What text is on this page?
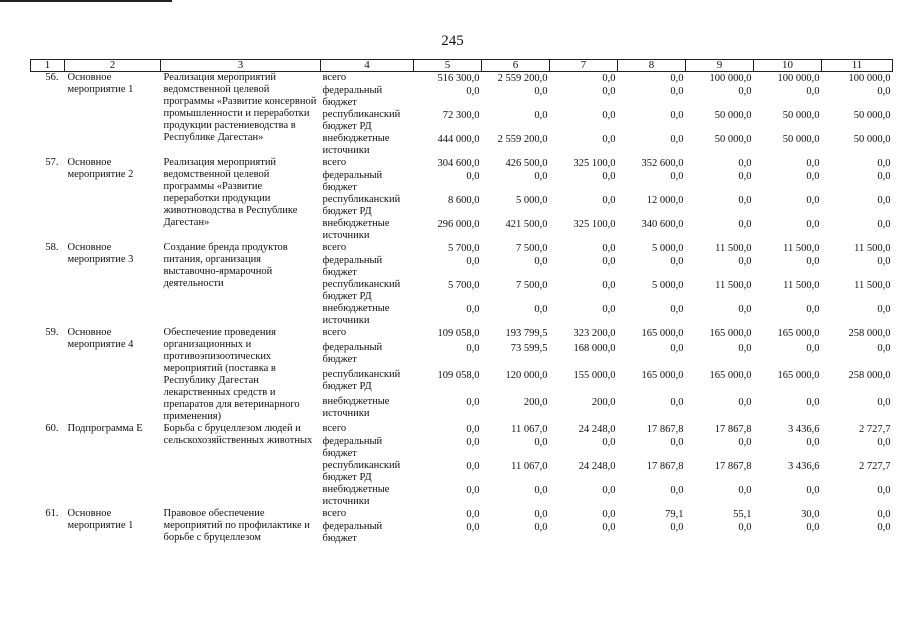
245
1	2	3	4	5	6	7	8	9	10	11
56.	Основное мероприятие 1	Реализация мероприятий ведомственной целевой программы «Развитие консервной промышленности и переработки продукции растениеводства в Республике Дагестан»	всего	516 300,0	2 559 200,0	0,0	0,0	100 000,0	100 000,0	100 000,0
			федеральный бюджет	0,0	0,0	0,0	0,0	0,0	0,0	0,0
			республиканский бюджет РД	72 300,0	0,0	0,0	0,0	50 000,0	50 000,0	50 000,0
			внебюджетные источники	444 000,0	2 559 200,0	0,0	0,0	50 000,0	50 000,0	50 000,0
57.	Основное мероприятие 2	Реализация мероприятий ведомственной целевой программы «Развитие переработки продукции животноводства в Республике Дагестан»	всего	304 600,0	426 500,0	325 100,0	352 600,0	0,0	0,0	0,0
			федеральный бюджет	0,0	0,0	0,0	0,0	0,0	0,0	0,0
			республиканский бюджет РД	8 600,0	5 000,0	0,0	12 000,0	0,0	0,0	0,0
			внебюджетные источники	296 000,0	421 500,0	325 100,0	340 600,0	0,0	0,0	0,0
58.	Основное мероприятие 3	Создание бренда продуктов питания, организация выставочно-ярмарочной деятельности	всего	5 700,0	7 500,0	0,0	5 000,0	11 500,0	11 500,0	11 500,0
			федеральный бюджет	0,0	0,0	0,0	0,0	0,0	0,0	0,0
			республиканский бюджет РД	5 700,0	7 500,0	0,0	5 000,0	11 500,0	11 500,0	11 500,0
			внебюджетные источники	0,0	0,0	0,0	0,0	0,0	0,0	0,0
59.	Основное мероприятие 4	Обеспечение проведения организационных и противоэпизоотических мероприятий (поставка в Республику Дагестан лекарственных средств и препаратов для ветеринарного применения)	всего	109 058,0	193 799,5	323 200,0	165 000,0	165 000,0	165 000,0	258 000,0
			федеральный бюджет	0,0	73 599,5	168 000,0	0,0	0,0	0,0	0,0
			республиканский бюджет РД	109 058,0	120 000,0	155 000,0	165 000,0	165 000,0	165 000,0	258 000,0
			внебюджетные источники	0,0	200,0	200,0	0,0	0,0	0,0	0,0
60.	Подпрограмма Е	Борьба с бруцеллезом людей и сельскохозяйственных животных	всего	0,0	11 067,0	24 248,0	17 867,8	17 867,8	3 436,6	2 727,7
			федеральный бюджет	0,0	0,0	0,0	0,0	0,0	0,0	0,0
			республиканский бюджет РД	0,0	11 067,0	24 248,0	17 867,8	17 867,8	3 436,6	2 727,7
			внебюджетные источники	0,0	0,0	0,0	0,0	0,0	0,0	0,0
61.	Основное мероприятие 1	Правовое обеспечение мероприятий по профилактике и борьбе с бруцеллезом	всего	0,0	0,0	0,0	79,1	55,1	30,0	0,0
			федеральный бюджет	0,0	0,0	0,0	0,0	0,0	0,0	0,0
